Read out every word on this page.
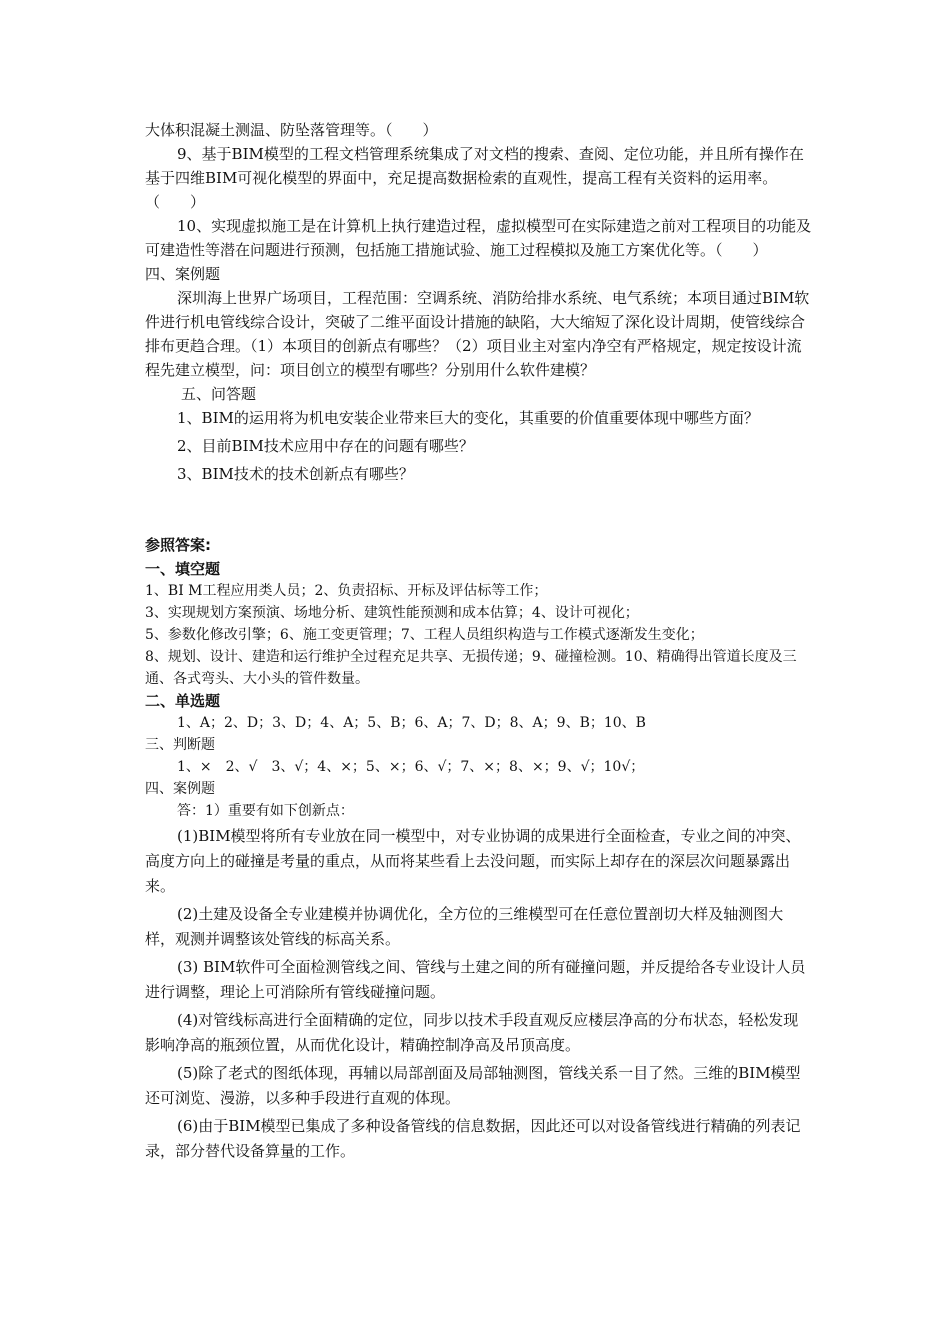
大体积混凝土测温、防坠落管理等。（　　）

9、基于BIM模型的工程文档管理系统集成了对文档的搜索、查阅、定位功能，并且所有操作在基于四维BIM可视化模型的界面中，充足提高数据检索的直观性，提高工程有关资料的运用率。（　　）

10、实现虚拟施工是在计算机上执行建造过程，虚拟模型可在实际建造之前对工程项目的功能及可建造性等潜在问题进行预测，包括施工措施试验、施工过程模拟及施工方案优化等。（　　）

四、案例题

深圳海上世界广场项目，工程范围：空调系统、消防给排水系统、电气系统；本项目通过BIM软件进行机电管线综合设计，突破了二维平面设计措施的缺陷，大大缩短了深化设计周期，使管线综合排布更趋合理。（1）本项目的创新点有哪些？（2）项目业主对室内净空有严格规定，规定按设计流程先建立模型，问：项目创立的模型有哪些？分别用什么软件建模？

五、问答题

1、BIM的运用将为机电安装企业带来巨大的变化，其重要的价值重要体现中哪些方面？

2、目前BIM技术应用中存在的问题有哪些？

3、BIM技术的技术创新点有哪些？

参照答案:

一、填空题

1、BI M工程应用类人员；2、负责招标、开标及评估标等工作；

3、实现规划方案预演、场地分析、建筑性能预测和成本估算；4、设计可视化；

5、参数化修改引擎；6、施工变更管理；7、工程人员组织构造与工作模式逐渐发生变化；

8、规划、设计、建造和运行维护全过程充足共享、无损传递；9、碰撞检测。10、精确得出管道长度及三通、各式弯头、大小头的管件数量。

二、单选题

1、A；2、D；3、D；4、A；5、B；6、A；7、D；8、A；9、B；10、B

三、判断题

1、×　2、√　3、√；4、×；5、×；6、√；7、×；8、×；9、√；10√；

四、案例题

答：1）重要有如下创新点：

(1)BIM模型将所有专业放在同一模型中，对专业协调的成果进行全面检查，专业之间的冲突、高度方向上的碰撞是考量的重点，从而将某些看上去没问题，而实际上却存在的深层次问题暴露出来。

(2)土建及设备全专业建模并协调优化，全方位的三维模型可在任意位置剖切大样及轴测图大样，观测并调整该处管线的标高关系。

(3) BIM软件可全面检测管线之间、管线与土建之间的所有碰撞问题，并反提给各专业设计人员进行调整，理论上可消除所有管线碰撞问题。

(4)对管线标高进行全面精确的定位，同步以技术手段直观反应楼层净高的分布状态，轻松发现影响净高的瓶颈位置，从而优化设计，精确控制净高及吊顶高度。

(5)除了老式的图纸体现，再辅以局部剖面及局部轴测图，管线关系一目了然。三维的BIM模型还可浏览、漫游，以多种手段进行直观的体现。

(6)由于BIM模型已集成了多种设备管线的信息数据，因此还可以对设备管线进行精确的列表记录，部分替代设备算量的工作。
